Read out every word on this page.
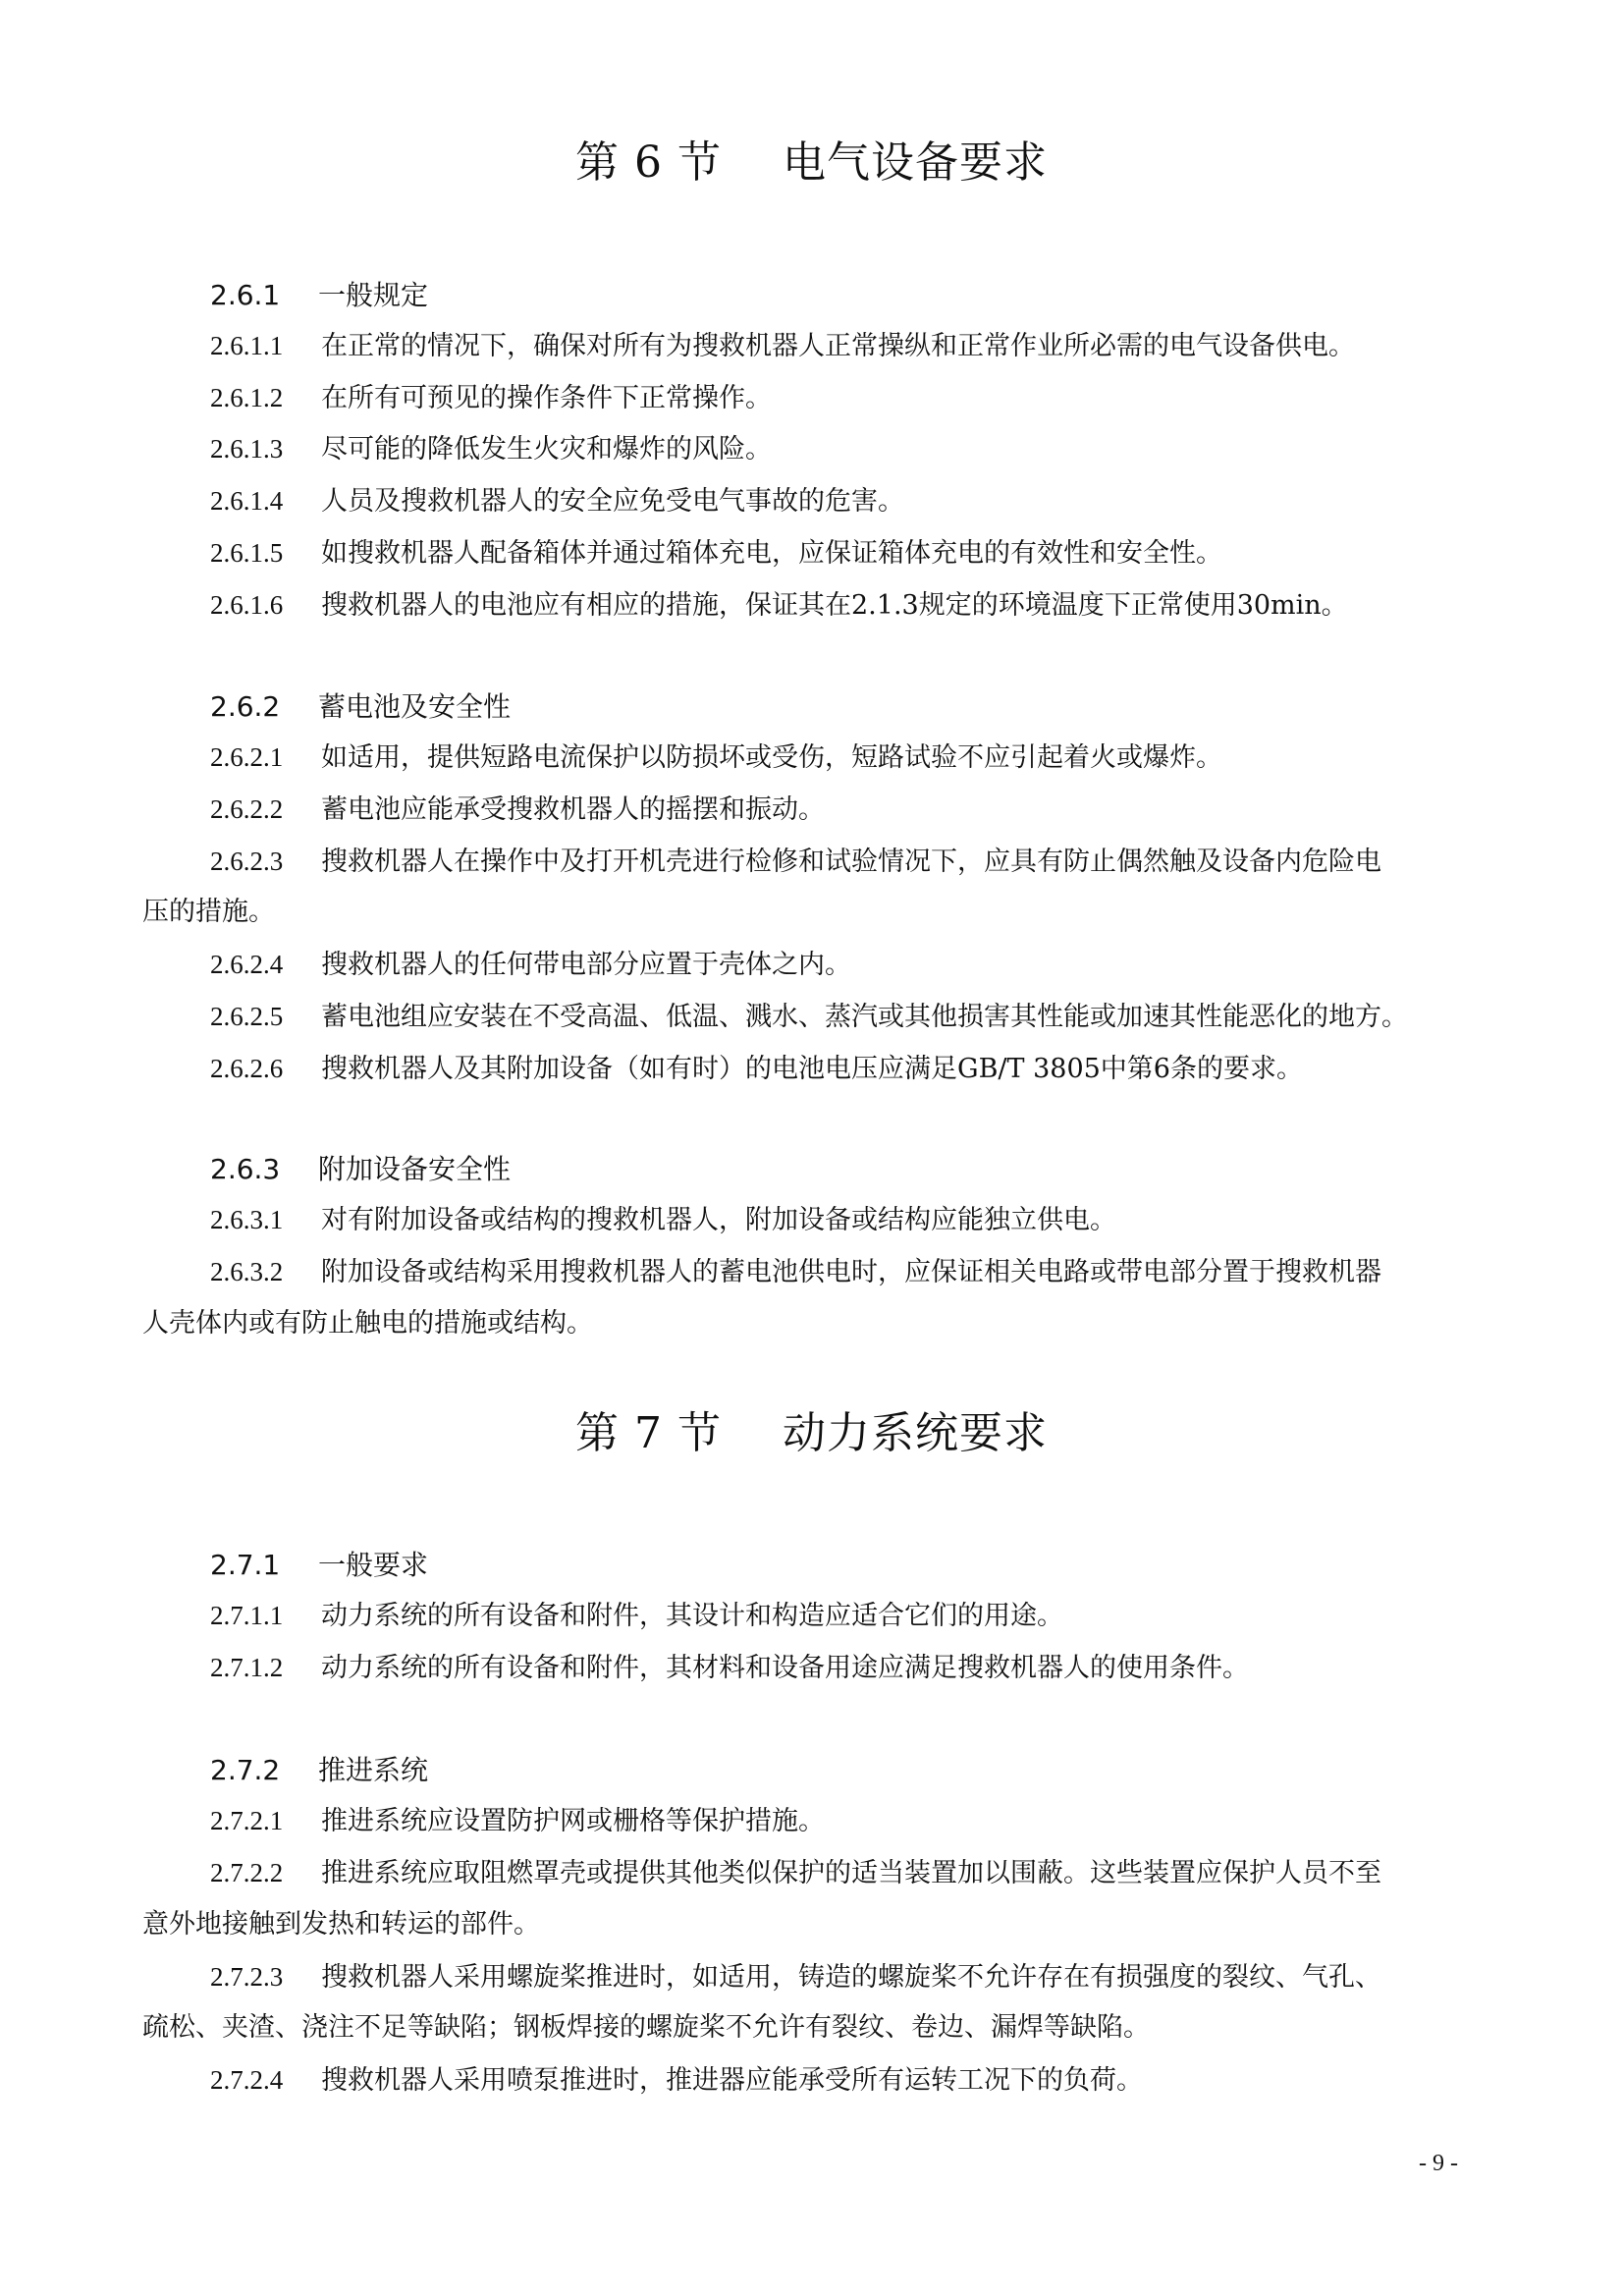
第 6 节 电气设备要求
2.6.1 一般规定
2.6.1.1 在正常的情况下，确保对所有为搜救机器人正常操纵和正常作业所必需的电气设备供电。
2.6.1.2 在所有可预见的操作条件下正常操作。
2.6.1.3 尽可能的降低发生火灾和爆炸的风险。
2.6.1.4 人员及搜救机器人的安全应免受电气事故的危害。
2.6.1.5 如搜救机器人配备箱体并通过箱体充电，应保证箱体充电的有效性和安全性。
2.6.1.6 搜救机器人的电池应有相应的措施，保证其在2.1.3规定的环境温度下正常使用30min。
2.6.2 蓄电池及安全性
2.6.2.1 如适用，提供短路电流保护以防损坏或受伤，短路试验不应引起着火或爆炸。
2.6.2.2 蓄电池应能承受搜救机器人的摇摆和振动。
2.6.2.3 搜救机器人在操作中及打开机壳进行检修和试验情况下，应具有防止偶然触及设备内危险电
压的措施。
2.6.2.4 搜救机器人的任何带电部分应置于壳体之内。
2.6.2.5 蓄电池组应安装在不受高温、低温、溅水、蒸汽或其他损害其性能或加速其性能恶化的地方。
2.6.2.6 搜救机器人及其附加设备（如有时）的电池电压应满足GB/T 3805中第6条的要求。
2.6.3 附加设备安全性
2.6.3.1 对有附加设备或结构的搜救机器人，附加设备或结构应能独立供电。
2.6.3.2 附加设备或结构采用搜救机器人的蓄电池供电时，应保证相关电路或带电部分置于搜救机器
人壳体内或有防止触电的措施或结构。
第 7 节 动力系统要求
2.7.1 一般要求
2.7.1.1 动力系统的所有设备和附件，其设计和构造应适合它们的用途。
2.7.1.2 动力系统的所有设备和附件，其材料和设备用途应满足搜救机器人的使用条件。
2.7.2 推进系统
2.7.2.1 推进系统应设置防护网或栅格等保护措施。
2.7.2.2 推进系统应取阻燃罩壳或提供其他类似保护的适当装置加以围蔽。这些装置应保护人员不至
意外地接触到发热和转运的部件。
2.7.2.3 搜救机器人采用螺旋桨推进时，如适用，铸造的螺旋桨不允许存在有损强度的裂纹、气孔、
疏松、夹渣、浇注不足等缺陷；钢板焊接的螺旋桨不允许有裂纹、卷边、漏焊等缺陷。
2.7.2.4 搜救机器人采用喷泵推进时，推进器应能承受所有运转工况下的负荷。
- 9 -
